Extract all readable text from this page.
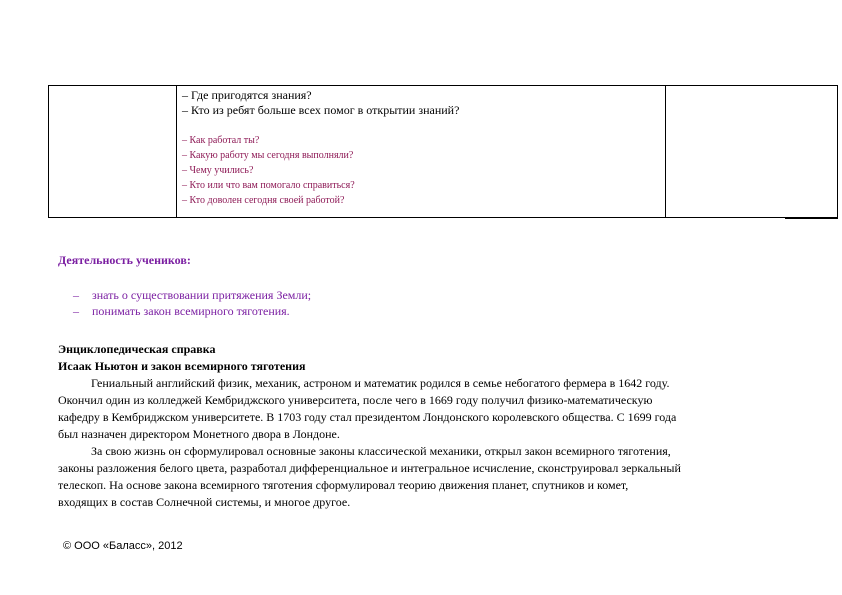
– Где пригодятся знания?

– Кто из ребят больше всех помог в открытии знаний?

– Как работал ты?

– Какую работу мы сегодня выполняли?

– Чему учились?

– Кто или что вам помогало справиться?

– Кто доволен сегодня своей работой?

Деятельность учеников:

– знать о существовании притяжения Земли;
– понимать закон всемирного тяготения.

Энциклопедическая справка

Исаак Ньютон и закон всемирного тяготения

Гениальный английский физик, механик, астроном и математик родился в семье небогатого фермера в 1642 году.

Окончил один из колледжей Кембриджского университета, после чего в 1669 году получил физико-математическую

кафедру в Кембриджском университете. В 1703 году стал президентом Лондонского королевского общества. С 1699 года

был назначен директором Монетного двора в Лондоне.

За свою жизнь он сформулировал основные законы классической механики, открыл закон всемирного тяготения,

законы разложения белого цвета, разработал дифференциальное и интегральное исчисление, сконструировал зеркальный

телескоп. На основе закона всемирного тяготения сформулировал теорию движения планет, спутников и комет,

входящих в состав Солнечной системы, и многое другое.

© ООО «Баласс», 2012
